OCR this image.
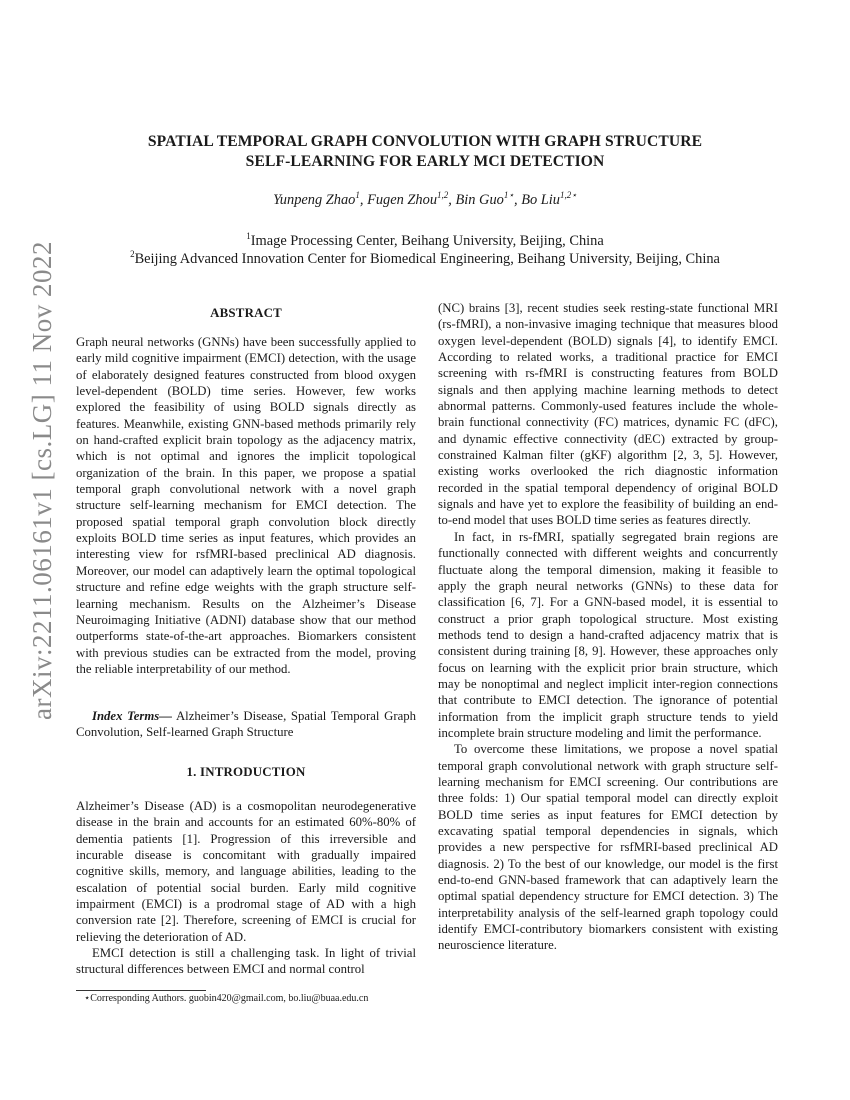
arXiv:2211.06161v1 [cs.LG] 11 Nov 2022
SPATIAL TEMPORAL GRAPH CONVOLUTION WITH GRAPH STRUCTURE
SELF-LEARNING FOR EARLY MCI DETECTION
Yunpeng Zhao$^1$, Fugen Zhou$^{1,2}$, Bin Guo$^{1⋆}$, Bo Liu$^{1,2⋆}$
$^1$Image Processing Center, Beihang University, Beijing, China
$^2$Beijing Advanced Innovation Center for Biomedical Engineering, Beihang University, Beijing, China
ABSTRACT

Graph neural networks (GNNs) have been successfully applied to early mild cognitive impairment (EMCI) detection, with the usage of elaborately designed features constructed from blood oxygen level-dependent (BOLD) time series. However, few works explored the feasibility of using BOLD signals directly as features. Meanwhile, existing GNN-based methods primarily rely on hand-crafted explicit brain topology as the adjacency matrix, which is not optimal and ignores the implicit topological organization of the brain. In this paper, we propose a spatial temporal graph convolutional network with a novel graph structure self-learning mechanism for EMCI detection. The proposed spatial temporal graph convolution block directly exploits BOLD time series as input features, which provides an interesting view for rsfMRI-based preclinical AD diagnosis. Moreover, our model can adaptively learn the optimal topological structure and refine edge weights with the graph structure self-learning mechanism. Results on the Alzheimer’s Disease Neuroimaging Initiative (ADNI) database show that our method outperforms state-of-the-art approaches. Biomarkers consistent with previous studies can be extracted from the model, proving the reliable interpretability of our method.

Index Terms— Alzheimer’s Disease, Spatial Temporal Graph Convolution, Self-learned Graph Structure

1. INTRODUCTION

Alzheimer’s Disease (AD) is a cosmopolitan neurodegenerative disease in the brain and accounts for an estimated 60%-80% of dementia patients [1]. Progression of this irreversible and incurable disease is concomitant with gradually impaired cognitive skills, memory, and language abilities, leading to the escalation of potential social burden. Early mild cognitive impairment (EMCI) is a prodromal stage of AD with a high conversion rate [2]. Therefore, screening of EMCI is crucial for relieving the deterioration of AD.

EMCI detection is still a challenging task. In light of trivial structural differences between EMCI and normal control

⋆Corresponding Authors. guobin420@gmail.com, bo.liu@buaa.edu.cn

(NC) brains [3], recent studies seek resting-state functional MRI (rs-fMRI), a non-invasive imaging technique that measures blood oxygen level-dependent (BOLD) signals [4], to identify EMCI. According to related works, a traditional practice for EMCI screening with rs-fMRI is constructing features from BOLD signals and then applying machine learning methods to detect abnormal patterns. Commonly-used features include the whole-brain functional connectivity (FC) matrices, dynamic FC (dFC), and dynamic effective connectivity (dEC) extracted by group-constrained Kalman filter (gKF) algorithm [2, 3, 5]. However, existing works overlooked the rich diagnostic information recorded in the spatial temporal dependency of original BOLD signals and have yet to explore the feasibility of building an end-to-end model that uses BOLD time series as features directly.

In fact, in rs-fMRI, spatially segregated brain regions are functionally connected with different weights and concurrently fluctuate along the temporal dimension, making it feasible to apply the graph neural networks (GNNs) to these data for classification [6, 7]. For a GNN-based model, it is essential to construct a prior graph topological structure. Most existing methods tend to design a hand-crafted adjacency matrix that is consistent during training [8, 9]. However, these approaches only focus on learning with the explicit prior brain structure, which may be nonoptimal and neglect implicit inter-region connections that contribute to EMCI detection. The ignorance of potential information from the implicit graph structure tends to yield incomplete brain structure modeling and limit the performance.

To overcome these limitations, we propose a novel spatial temporal graph convolutional network with graph structure self-learning mechanism for EMCI screening. Our contributions are three folds: 1) Our spatial temporal model can directly exploit BOLD time series as input features for EMCI detection by excavating spatial temporal dependencies in signals, which provides a new perspective for rsfMRI-based preclinical AD diagnosis. 2) To the best of our knowledge, our model is the first end-to-end GNN-based framework that can adaptively learn the optimal spatial dependency structure for EMCI detection. 3) The interpretability analysis of the self-learned graph topology could identify EMCI-contributory biomarkers consistent with existing neuroscience literature.
